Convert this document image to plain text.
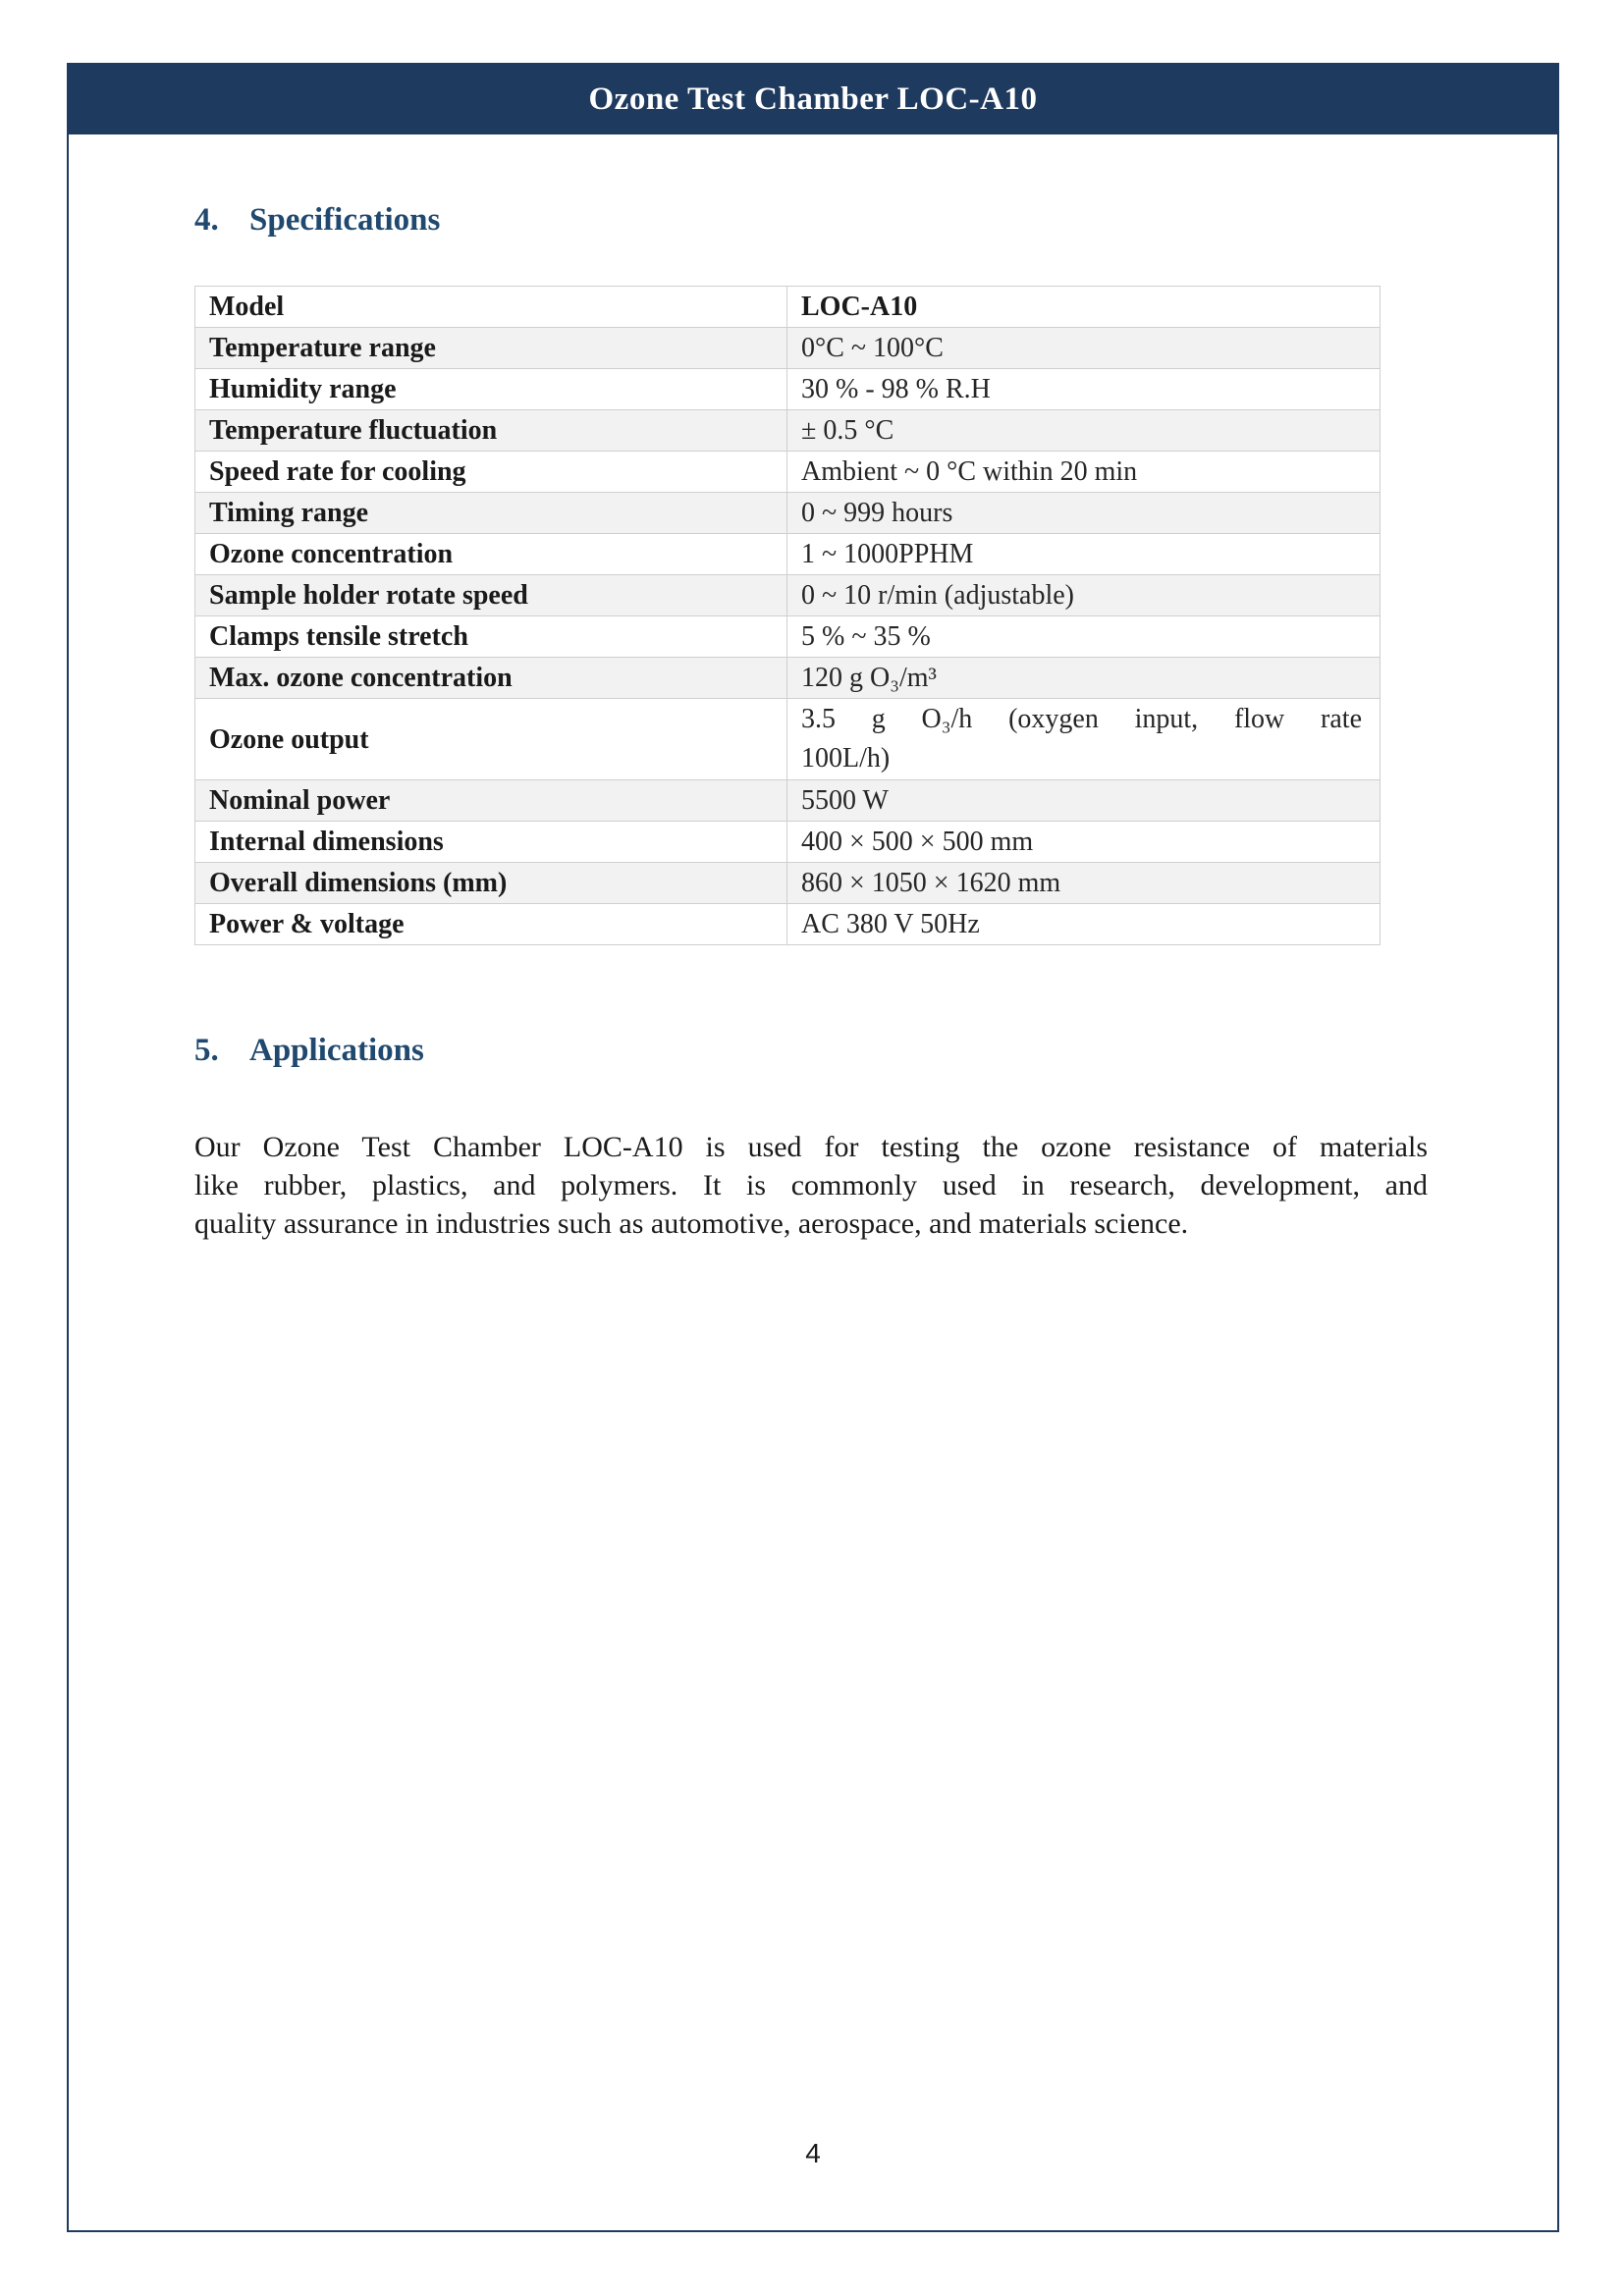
Ozone Test Chamber LOC-A10
4. Specifications
Model	LOC-A10
Temperature range	0°C ~ 100°C
Humidity range	30 % - 98 % R.H
Temperature fluctuation	± 0.5 °C
Speed rate for cooling	Ambient ~ 0 °C within 20 min
Timing range	0 ~ 999 hours
Ozone concentration	1 ~ 1000PPHM
Sample holder rotate speed	0 ~ 10 r/min (adjustable)
Clamps tensile stretch	5 % ~ 35 %
Max. ozone concentration	120 g O₃/m³
Ozone output	3.5 g O₃/h (oxygen input, flow rate
100L/h)

Nominal power	5500 W
Internal dimensions	400 × 500 × 500 mm
Overall dimensions (mm)	860 × 1050 × 1620 mm
Power & voltage	AC 380 V 50Hz
5. Applications
Our Ozone Test Chamber LOC-A10 is used for testing the ozone resistance of materials
like rubber, plastics, and polymers. It is commonly used in research, development, and
quality assurance in industries such as automotive, aerospace, and materials science.
4
